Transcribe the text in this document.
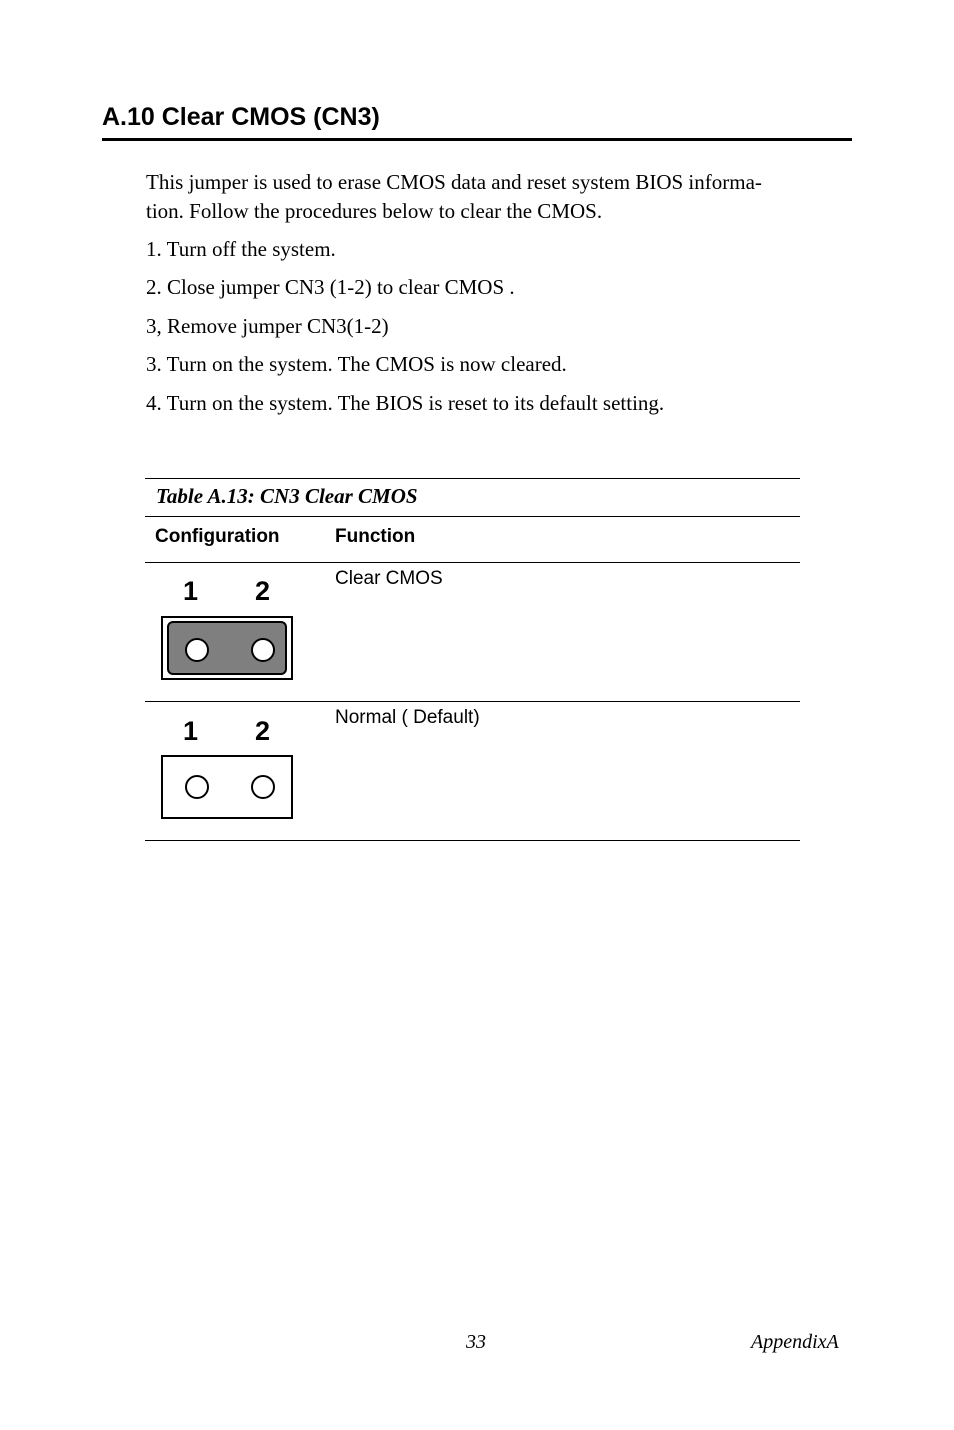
A.10 Clear CMOS (CN3)
This jumper is used to erase CMOS data and reset system BIOS informa-
tion. Follow the procedures below to clear the CMOS.
1. Turn off the system.
2. Close jumper CN3 (1-2) to clear CMOS .
3, Remove jumper CN3(1-2)
3. Turn on the system. The CMOS is now cleared.
4. Turn on the system. The BIOS is reset to its default setting.
Table A.13: CN3 Clear CMOS
Configuration	Function
1 2	Clear CMOS
1 2	Normal ( Default)
33	AppendixA
